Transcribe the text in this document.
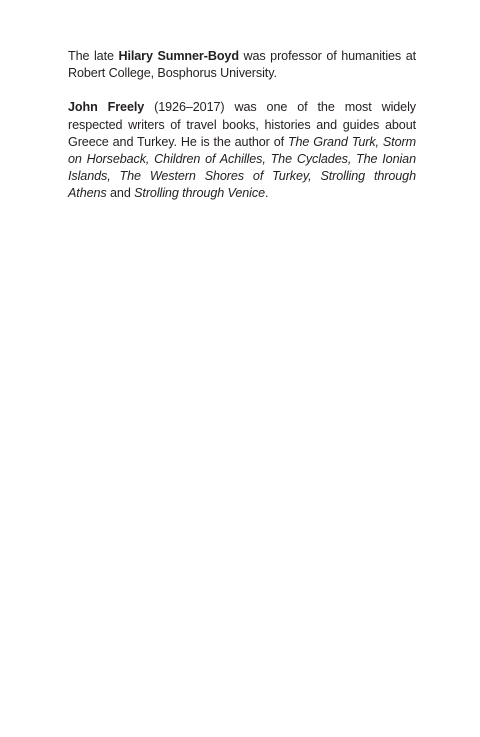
The late Hilary Sumner-Boyd was professor of humanities at Robert College, Bosphorus University.

John Freely (1926–2017) was one of the most widely respected writers of travel books, histories and guides about Greece and Turkey. He is the author of The Grand Turk, Storm on Horseback, Children of Achilles, The Cyclades, The Ionian Islands, The Western Shores of Turkey, Strolling through Athens and Strolling through Venice.
